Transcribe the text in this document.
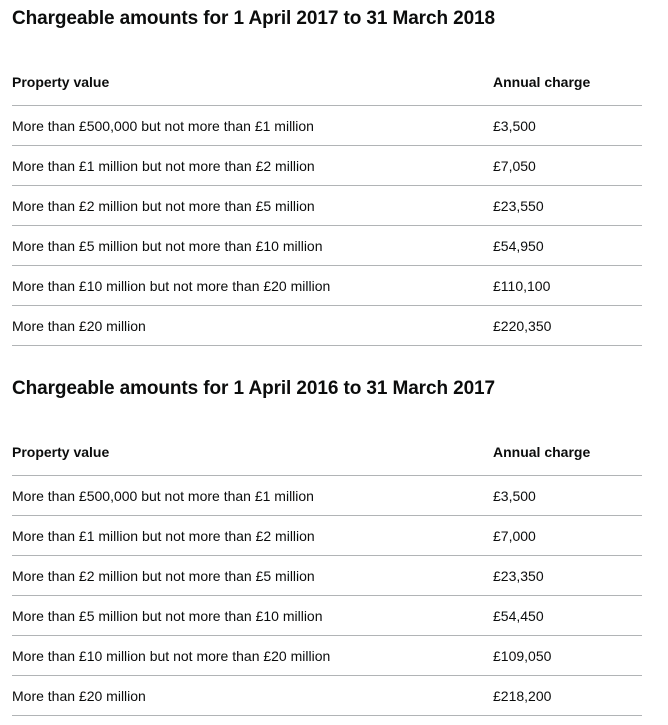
Chargeable amounts for 1 April 2017 to 31 March 2018
Property value	Annual charge
More than £500,000 but not more than £1 million	£3,500
More than £1 million but not more than £2 million	£7,050
More than £2 million but not more than £5 million	£23,550
More than £5 million but not more than £10 million	£54,950
More than £10 million but not more than £20 million	£110,100
More than £20 million	£220,350
Chargeable amounts for 1 April 2016 to 31 March 2017
Property value	Annual charge
More than £500,000 but not more than £1 million	£3,500
More than £1 million but not more than £2 million	£7,000
More than £2 million but not more than £5 million	£23,350
More than £5 million but not more than £10 million	£54,450
More than £10 million but not more than £20 million	£109,050
More than £20 million	£218,200
